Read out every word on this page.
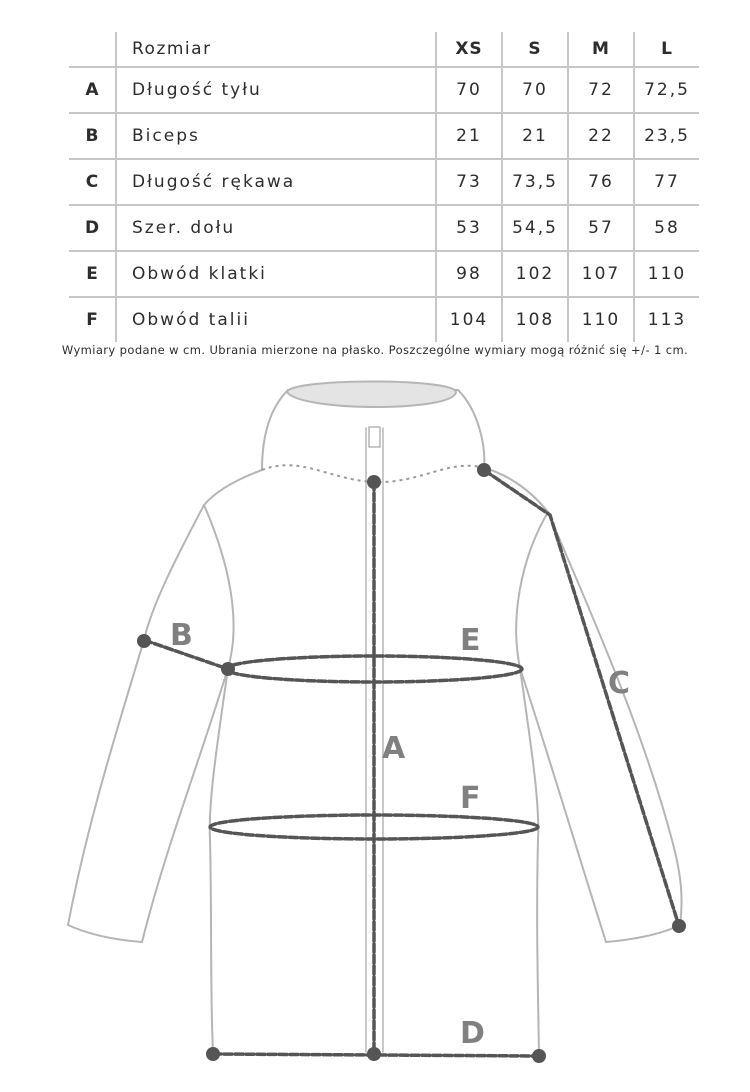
	Rozmiar	XS	S	M	L
A	Długość tyłu	70	70	72	72,5
B	Biceps	21	21	22	23,5
C	Długość rękawa	73	73,5	76	77
D	Szer. dołu	53	54,5	57	58
E	Obwód klatki	98	102	107	110
F	Obwód talii	104	108	110	113
Wymiary podane w cm. Ubrania mierzone na płasko. Poszczególne wymiary mogą różnić się +/- 1 cm.
A
B
C
D
E
F
